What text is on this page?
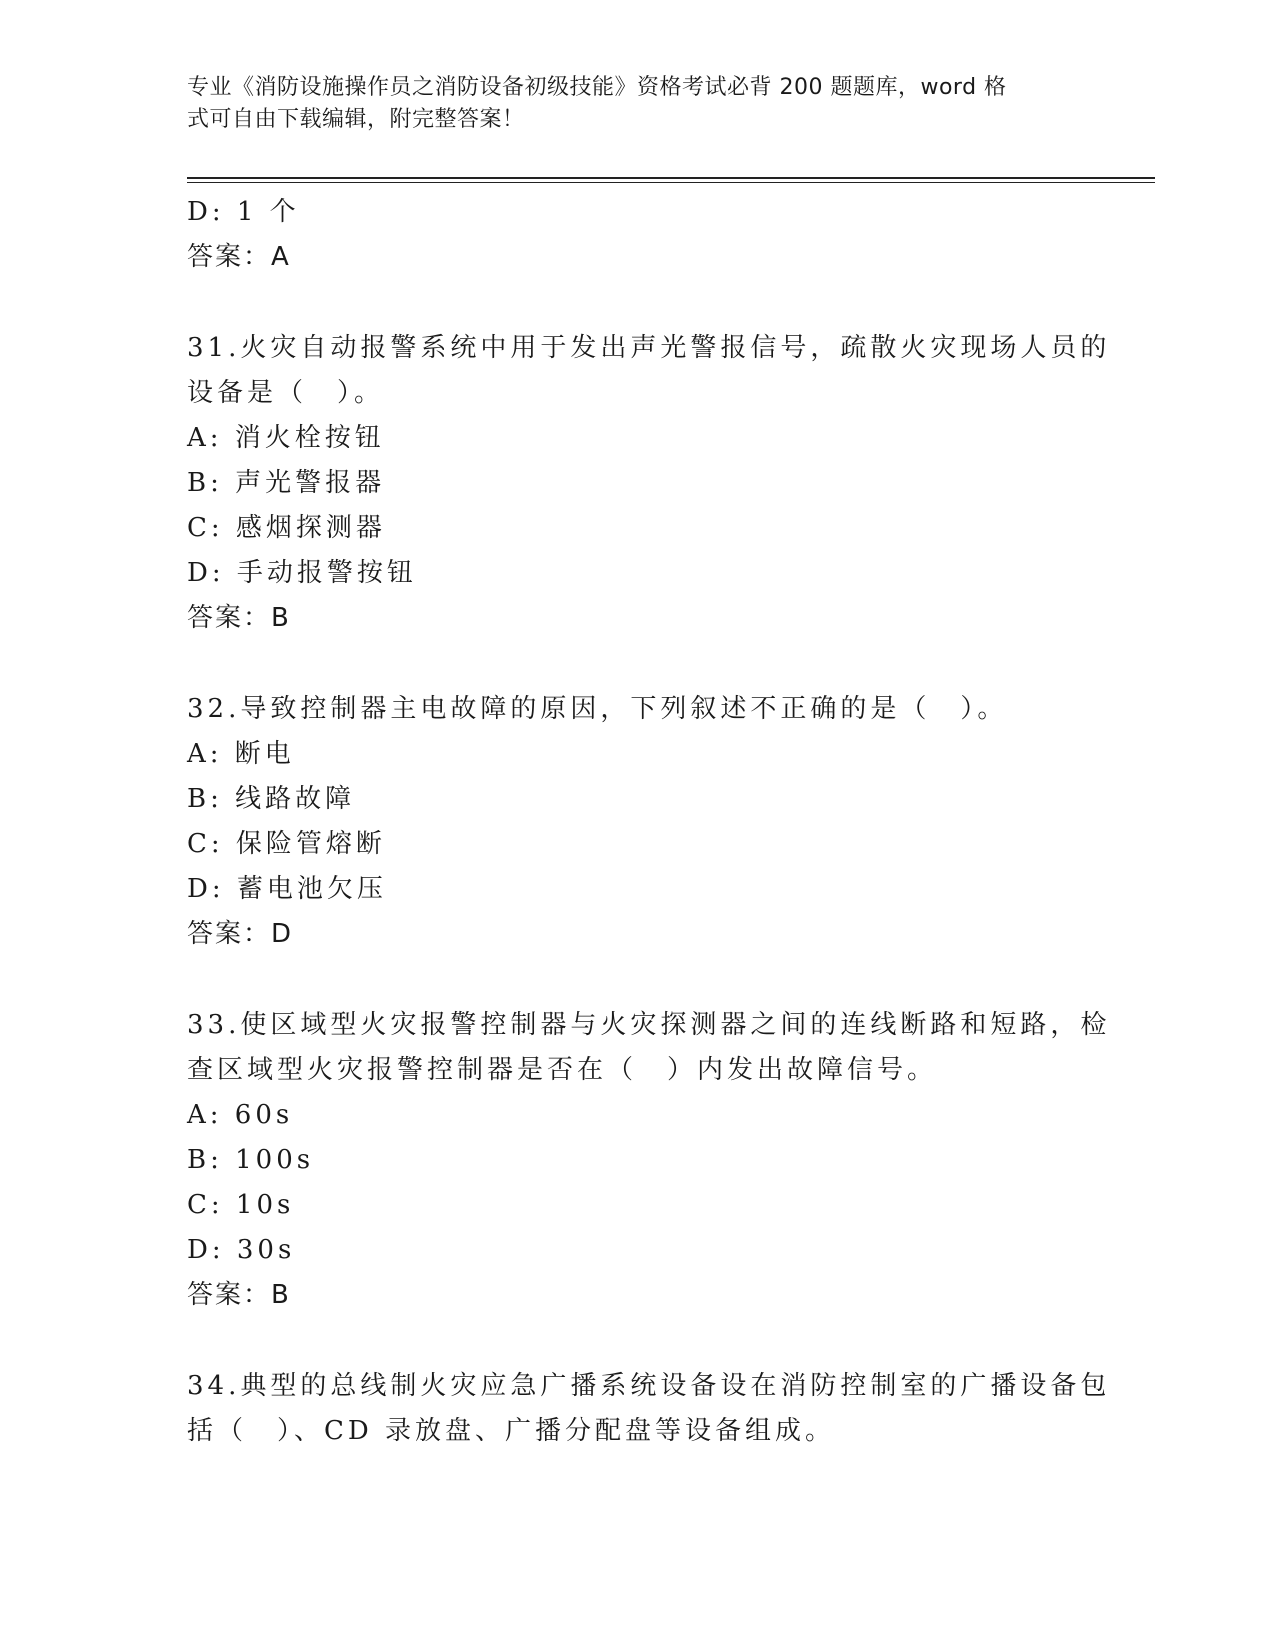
专业《消防设施操作员之消防设备初级技能》资格考试必背 200 题题库，word 格
式可自由下载编辑，附完整答案！
D: 1 个
答案：A
31.火灾自动报警系统中用于发出声光警报信号，疏散火灾现场人员的
设备是（　）。
A: 消火栓按钮
B: 声光警报器
C: 感烟探测器
D: 手动报警按钮
答案：B
32.导致控制器主电故障的原因，下列叙述不正确的是（　）。
A: 断电
B: 线路故障
C: 保险管熔断
D: 蓄电池欠压
答案：D
33.使区域型火灾报警控制器与火灾探测器之间的连线断路和短路，检
查区域型火灾报警控制器是否在（　）内发出故障信号。
A: 60s
B: 100s
C: 10s
D: 30s
答案：B
34.典型的总线制火灾应急广播系统设备设在消防控制室的广播设备包
括（　）、CD 录放盘、广播分配盘等设备组成。
